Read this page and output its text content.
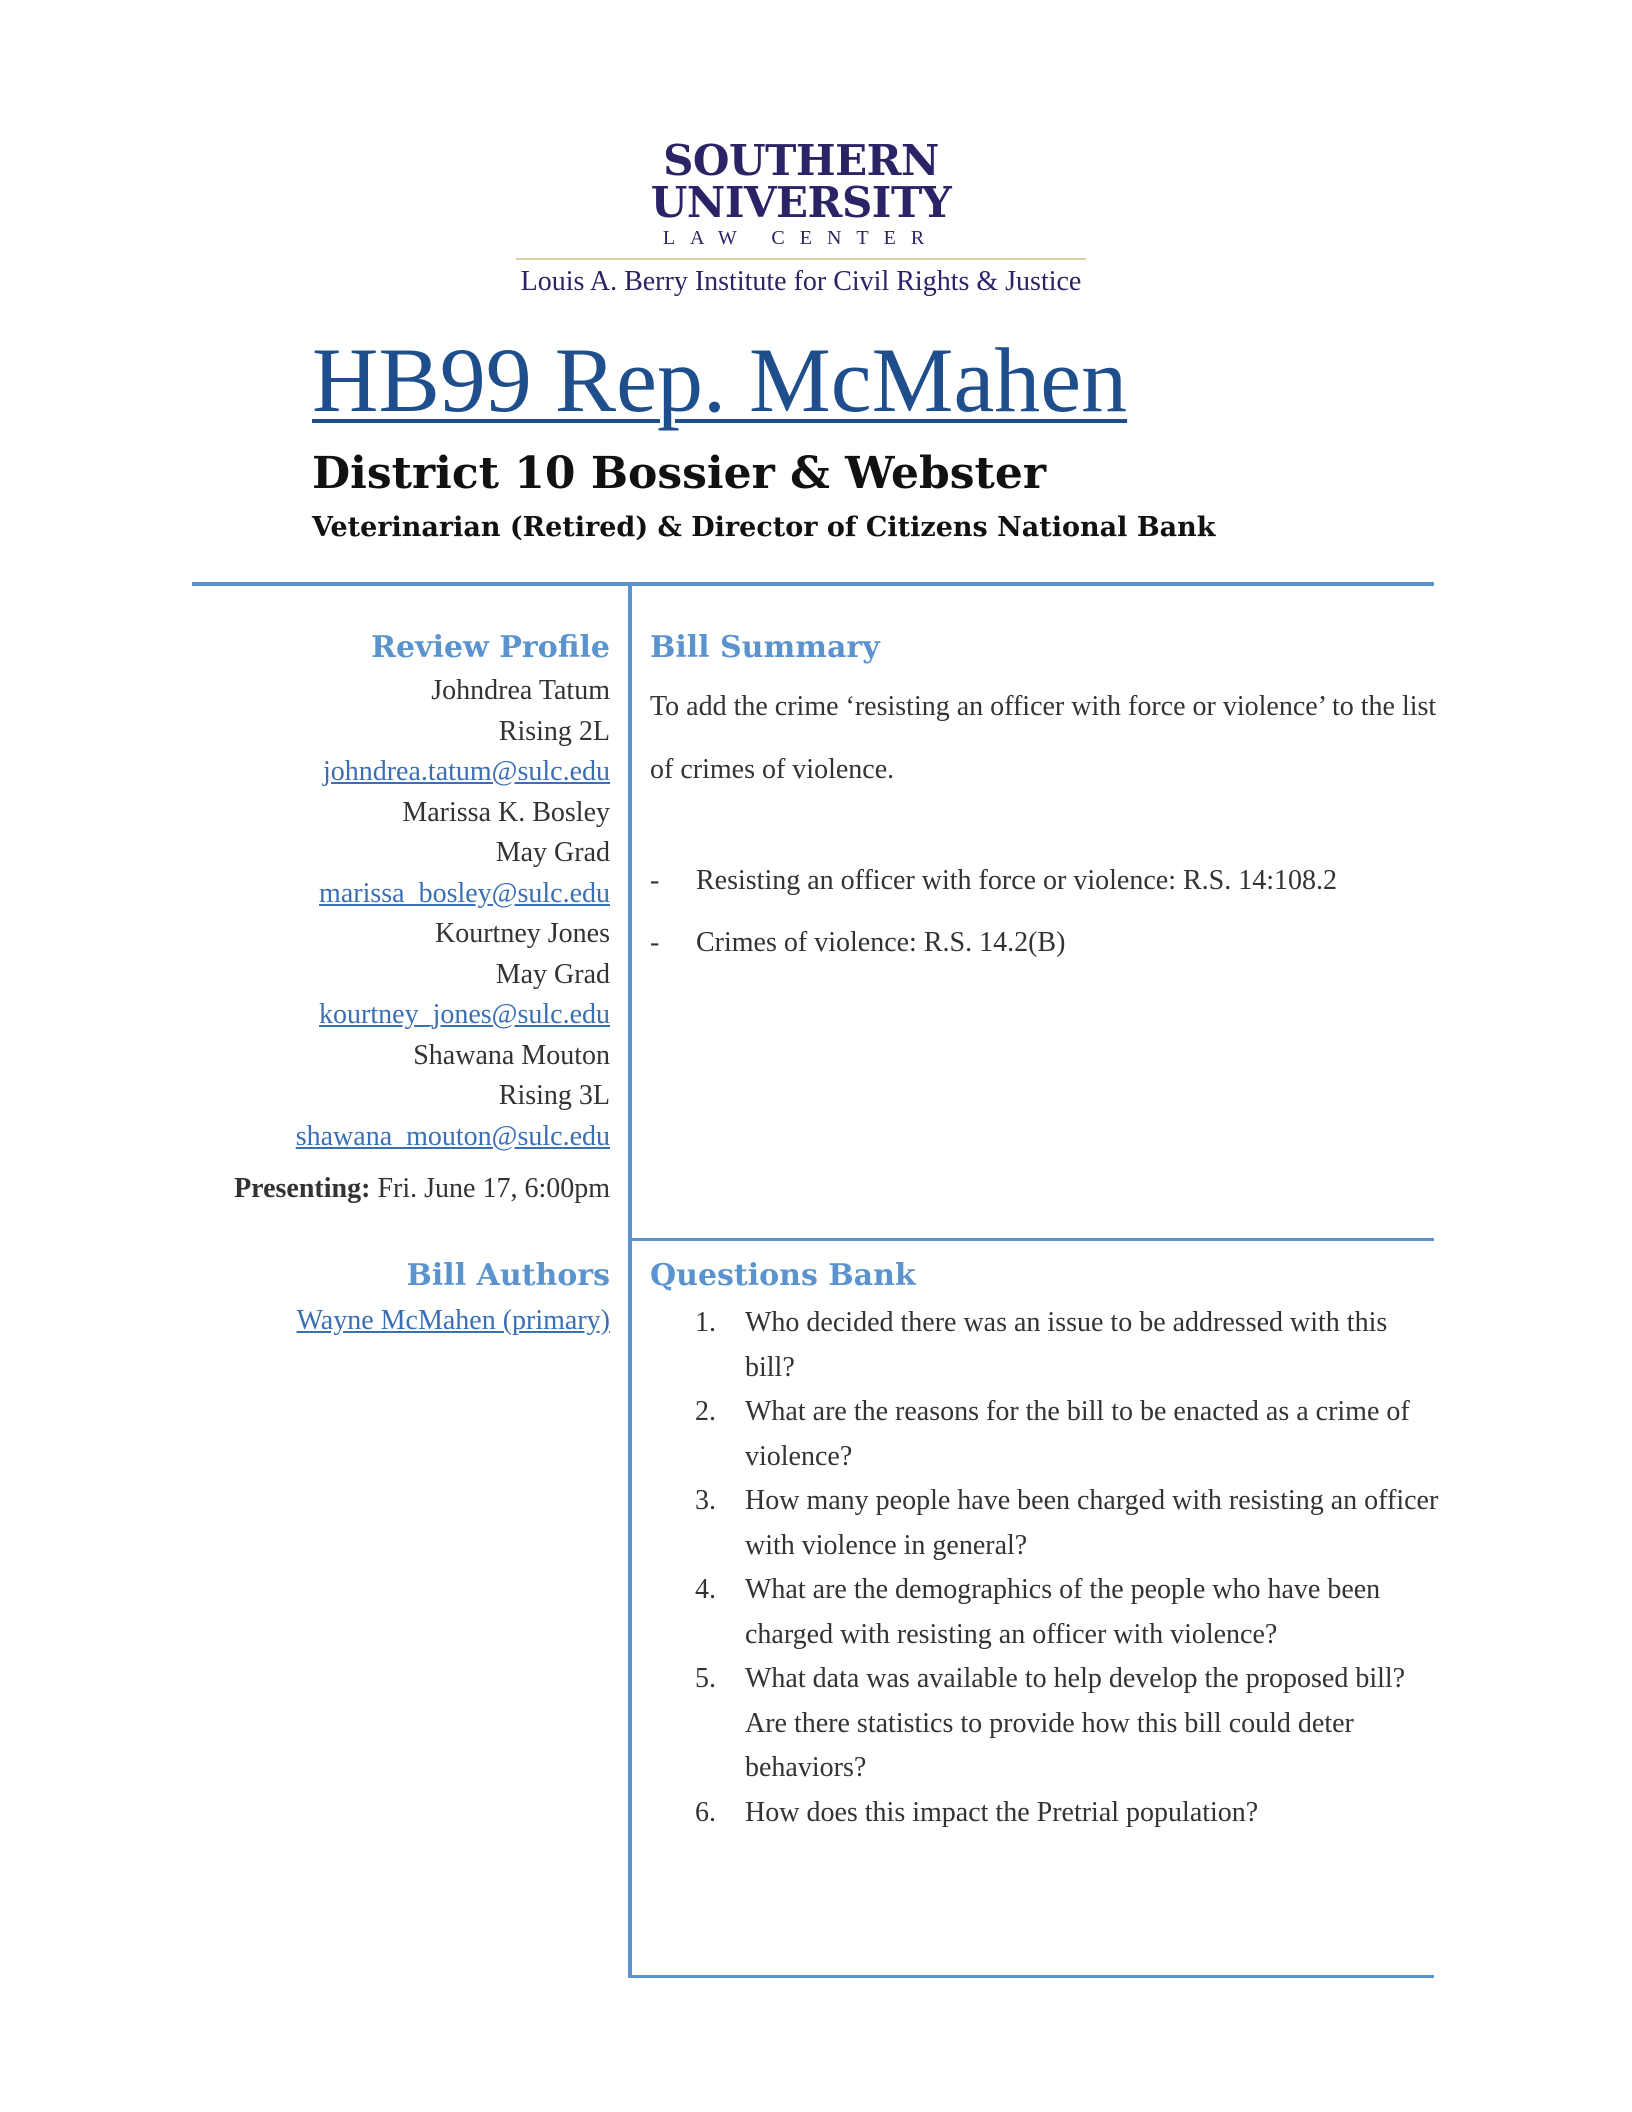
SOUTHERN UNIVERSITY
LAW CENTER
Louis A. Berry Institute for Civil Rights & Justice
HB99 Rep. McMahen
District 10 Bossier & Webster
Veterinarian (Retired) & Director of Citizens National Bank
Review Profile
Johndrea Tatum
Rising 2L
johndrea.tatum@sulc.edu
Marissa K. Bosley
May Grad
marissa_bosley@sulc.edu
Kourtney Jones
May Grad
kourtney_jones@sulc.edu
Shawana Mouton
Rising 3L
shawana_mouton@sulc.edu
Presenting: Fri. June 17, 6:00pm
Bill Authors
Wayne McMahen (primary)
Bill Summary

To add the crime ‘resisting an officer with force or violence’ to the list of crimes of violence.

- Resisting an officer with force or violence: R.S. 14:108.2
- Crimes of violence: R.S. 14.2(B)
Questions Bank
1. Who decided there was an issue to be addressed with this bill?
2. What are the reasons for the bill to be enacted as a crime of violence?
3. How many people have been charged with resisting an officer with violence in general?
4. What are the demographics of the people who have been charged with resisting an officer with violence?
5. What data was available to help develop the proposed bill? Are there statistics to provide how this bill could deter behaviors?
6. How does this impact the Pretrial population?
